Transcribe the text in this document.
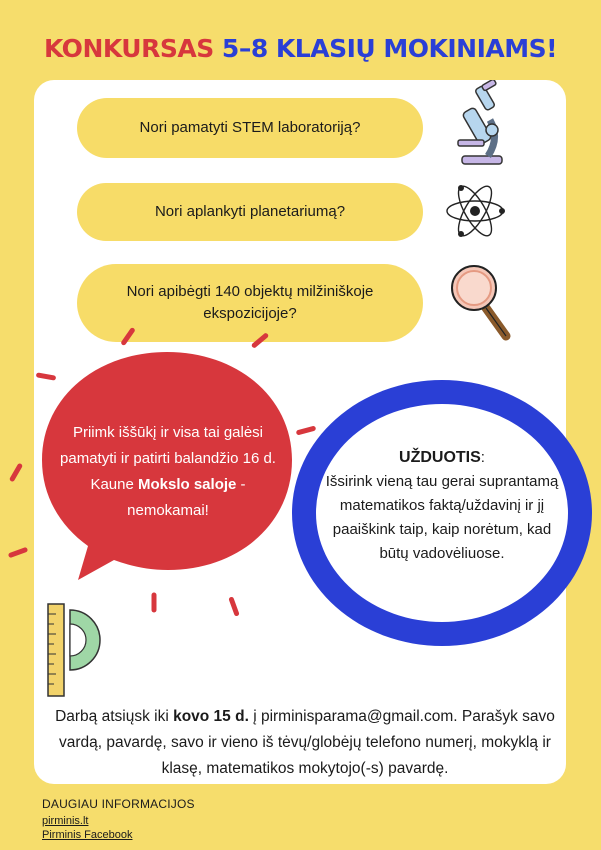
KONKURSAS 5–8 KLASIŲ MOKINIAMS!
Nori pamatyti STEM laboratoriją?
Nori aplankyti planetariumą?
Nori apibėgti 140 objektų milžiniškoje ekspozicijoje?
Priimk iššūkį ir visa tai galėsi pamatyti ir patirti balandžio 16 d. Kaune Mokslo saloje - nemokamai!
UŽDUOTIS:
Išsirink vieną tau gerai suprantamą matematikos faktą/uždavinį ir jį paaiškink taip, kaip norėtum, kad būtų vadovėliuose.
Darbą atsiųsk iki kovo 15 d. į pirminisparama@gmail.com. Parašyk savo vardą, pavardę, savo ir vieno iš tėvų/globėjų telefono numerį, mokyklą ir klasę, matematikos mokytojo(-s) pavardę.
DAUGIAU INFORMACIJOS
pirminis.lt
Pirminis Facebook
